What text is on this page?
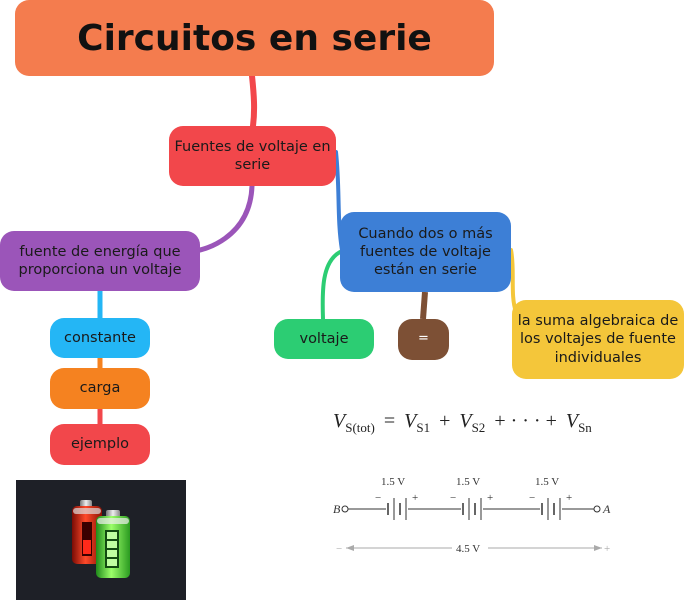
Circuitos en serie
Fuentes de voltaje en serie
fuente de energía que proporciona un voltaje
Cuando dos o más fuentes de voltaje están en serie
voltaje	=
la suma algebraica de los voltajes de fuente individuales
constante
carga
ejemplo
$V_{S(tot)} = V_{S1} + V_{S2}$ + · · · + $V_{Sn}$
B	A
1.5 V
−	+
1.5 V
−	+
1.5 V
−	+
−	+
4.5 V
